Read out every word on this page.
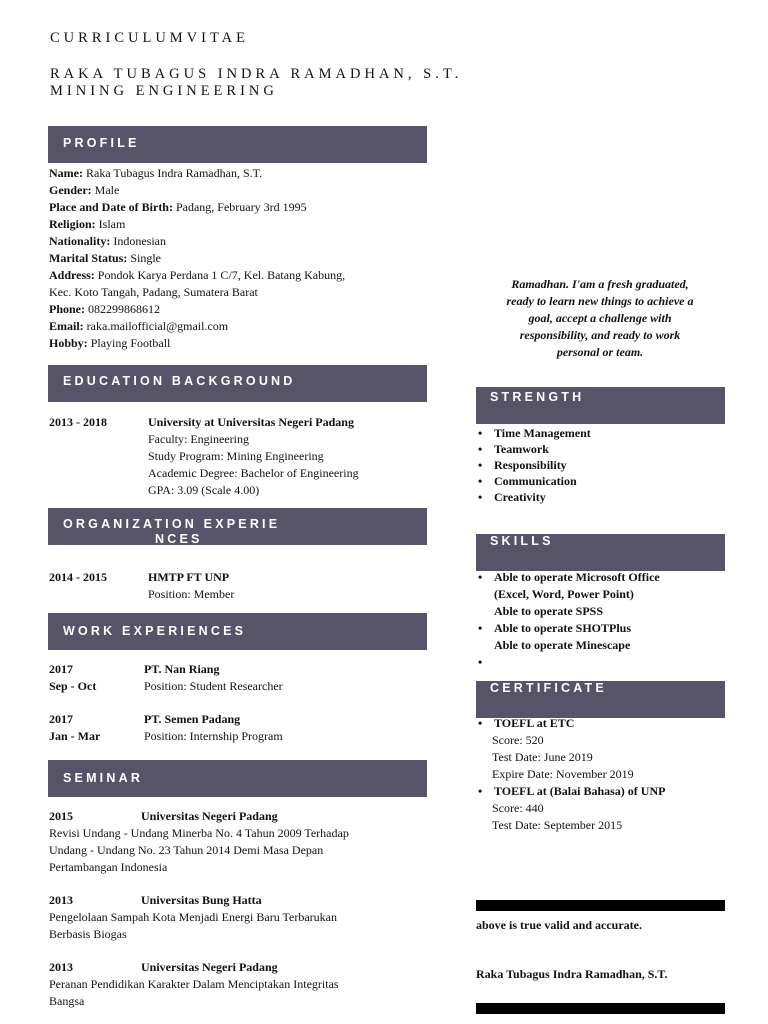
CURRICULUMVITAE
RAKA TUBAGUS INDRA RAMADHAN, S.T.
MINING ENGINEERING
PROFILE
Name: Raka Tubagus Indra Ramadhan, S.T.
Gender: Male
Place and Date of Birth: Padang, February 3rd 1995
Religion: Islam
Nationality: Indonesian
Marital Status: Single
Address: Pondok Karya Perdana 1 C/7, Kel. Batang Kabung,
Kec. Koto Tangah, Padang, Sumatera Barat
Phone: 082299868612
Email: raka.mailofficial@gmail.com
Hobby: Playing Football
EDUCATION BACKGROUND
2013 - 2018	University at Universitas Negeri Padang
Faculty: Engineering
Study Program: Mining Engineering
Academic Degree: Bachelor of Engineering
GPA: 3.09 (Scale 4.00)
ORGANIZATION EXPERIE
NCES
2014 - 2015	HMTP FT UNP
Position: Member
WORK EXPERIENCES
2017	PT. Nan Riang
Sep - Oct	Position: Student Researcher
2017	PT. Semen Padang
Jan - Mar	Position: Internship Program
SEMINAR
2015	Universitas Negeri Padang
Revisi Undang - Undang Minerba No. 4 Tahun 2009 Terhadap
Undang - Undang No. 23 Tahun 2014 Demi Masa Depan
Pertambangan Indonesia
2013	Universitas Bung Hatta
Pengelolaan Sampah Kota Menjadi Energi Baru Terbarukan
Berbasis Biogas
2013	Universitas Negeri Padang
Peranan Pendidikan Karakter Dalam Menciptakan Integritas
Bangsa
Ramadhan. I'am a fresh graduated,
ready to learn new things to achieve a
goal, accept a challenge with
responsibility, and ready to work
personal or team.
STRENGTH
• Time Management
• Teamwork
• Responsibility
• Communication
• Creativity
SKILLS
• Able to operate Microsoft Office
(Excel, Word, Power Point)
Able to operate SPSS
• Able to operate SHOTPlus
Able to operate Minescape
•
CERTIFICATE
• TOEFL at ETC
Score: 520
Test Date: June 2019
Expire Date: November 2019
• TOEFL at (Balai Bahasa) of UNP
Score: 440
Test Date: September 2015
above is true valid and accurate.
Raka Tubagus Indra Ramadhan, S.T.
